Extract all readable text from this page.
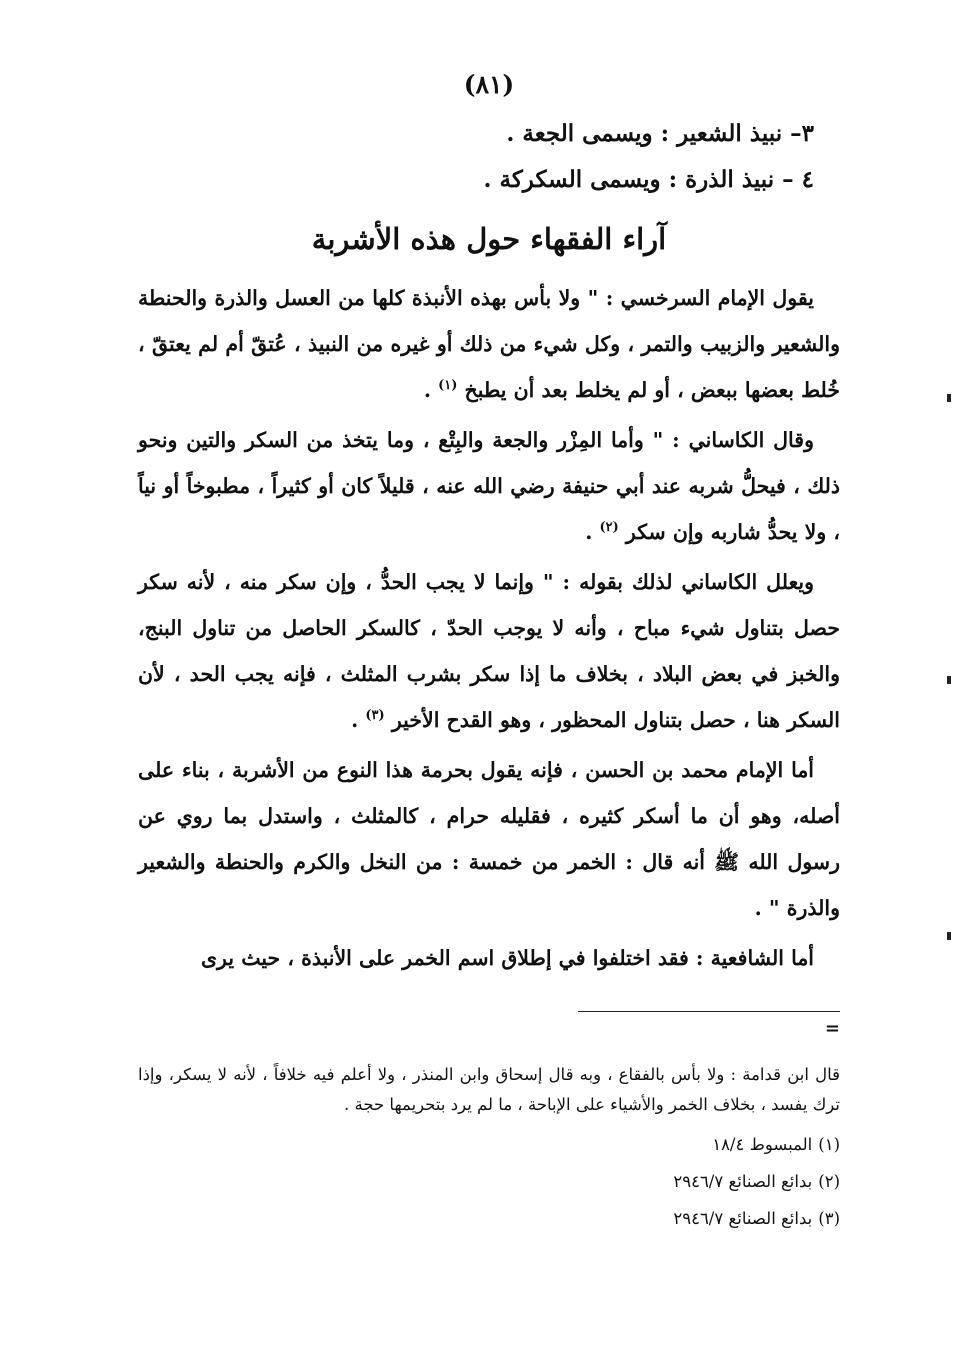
(٨١)
٣– نبيذ الشعير : ويسمى الجعة .
٤ – نبيذ الذرة : ويسمى السكركة .
آراء الفقهاء حول هذه الأشربة

يقول الإمام السرخسي : " ولا بأس بهذه الأنبذة كلها من العسل والذرة والحنطة والشعير والزبيب والتمر ، وكل شيء من ذلك أو غيره من النبيذ ، عُتقّ أم لم يعتقّ ، خُلط بعضها ببعض ، أو لم يخلط بعد أن يطبخ $^{(١)}$ .

وقال الكاساني : " وأما المِزْر والجعة والبِتْع ، وما يتخذ من السكر والتين ونحو ذلك ، فيحلُّ شربه عند أبي حنيفة رضي الله عنه ، قليلاً كان أو كثيراً ، مطبوخاً أو نياً ، ولا يحدُّ شاربه وإن سكر $^{(٢)}$ .

ويعلل الكاساني لذلك بقوله : " وإنما لا يجب الحدُّ ، وإن سكر منه ، لأنه سكر حصل بتناول شيء مباح ، وأنه لا يوجب الحدّ ، كالسكر الحاصل من تناول البنج، والخبز في بعض البلاد ، بخلاف ما إذا سكر بشرب المثلث ، فإنه يجب الحد ، لأن السكر هنا ، حصل بتناول المحظور ، وهو القدح الأخير $^{(٣)}$ .

أما الإمام محمد بن الحسن ، فإنه يقول بحرمة هذا النوع من الأشربة ، بناء على أصله، وهو أن ما أسكر كثيره ، فقليله حرام ، كالمثلث ، واستدل بما روي عن رسول الله ﷺ أنه قال : الخمر من خمسة : من النخل والكرم والحنطة والشعير والذرة " .

أما الشافعية : فقد اختلفوا في إطلاق اسم الخمر على الأنبذة ، حيث يرى

=

قال ابن قدامة : ولا بأس بالفقاع ، وبه قال إسحاق وابن المنذر ، ولا أعلم فيه خلافاً ، لأنه لا يسكر، وإذا ترك يفسد ، بخلاف الخمر والأشياء على الإباحة ، ما لم يرد بتحريمها حجة .

(١)المبسوط ١٨/٤
(٢)بدائع الصنائع ٢٩٤٦/٧
(٣)بدائع الصنائع ٢٩٤٦/٧
